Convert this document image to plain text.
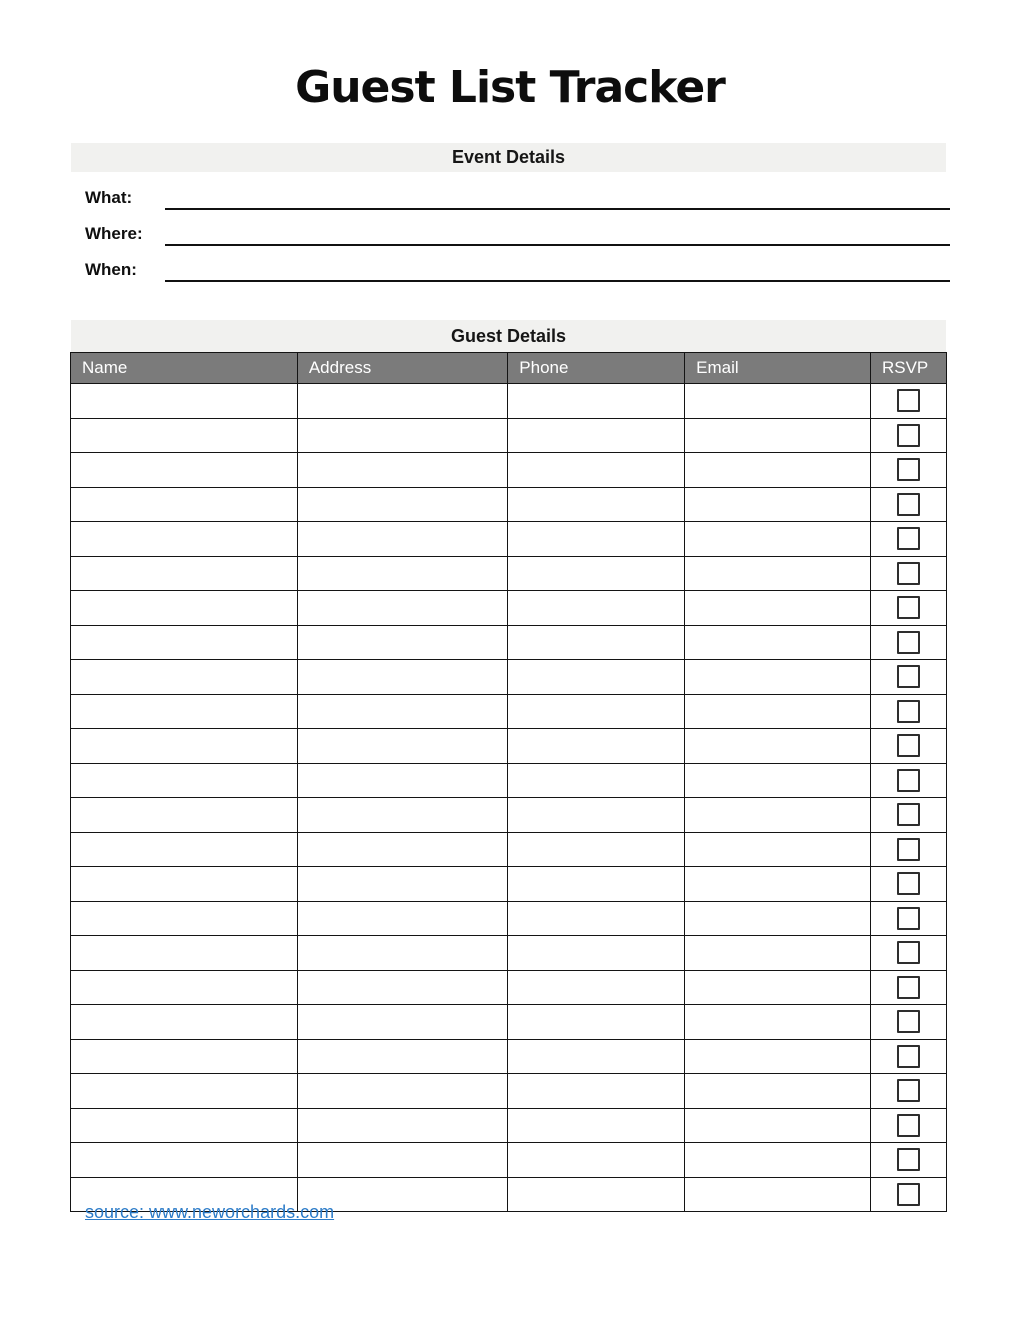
Guest List Tracker
Event Details
What:
Where:
When:
Guest Details
Name	Address	Phone	Email	RSVP

source: www.neworchards.com
